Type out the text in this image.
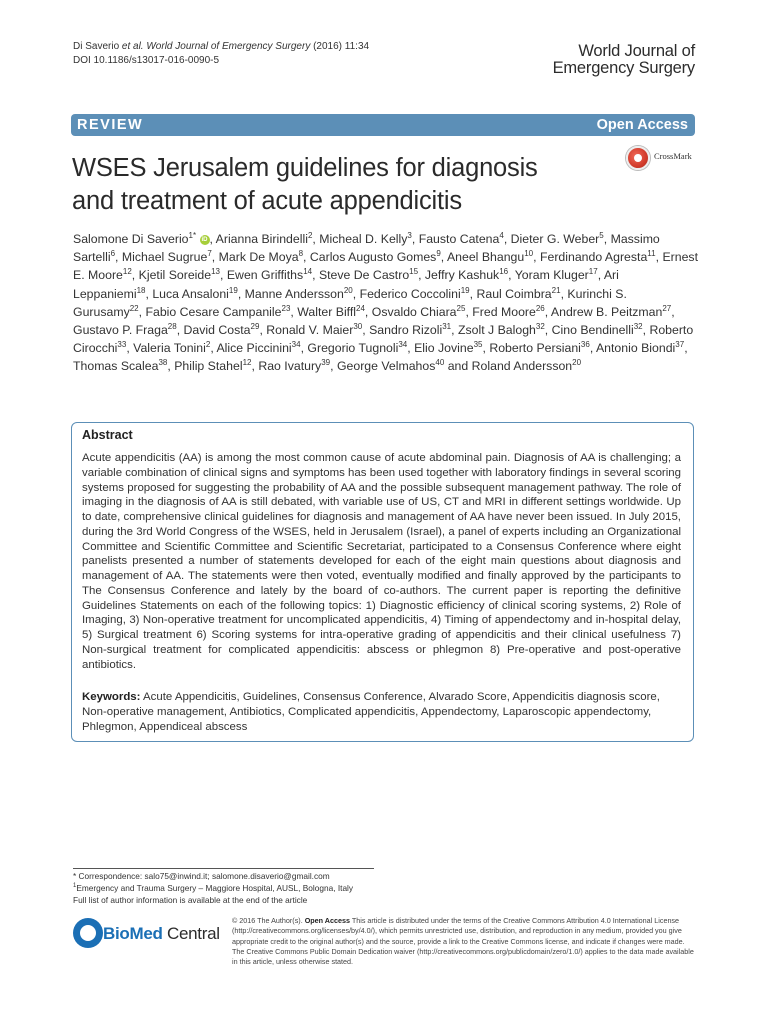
Di Saverio et al. World Journal of Emergency Surgery (2016) 11:34
DOI 10.1186/s13017-016-0090-5
World Journal of
Emergency Surgery
REVIEW	Open Access
WSES Jerusalem guidelines for diagnosis
and treatment of acute appendicitis
CrossMark

Salomone Di Saverio$^{1*}$ iD , Arianna Birindelli$^2$, Micheal D. Kelly$^3$, Fausto Catena$^4$, Dieter G. Weber$^5$, Massimo Sartelli$^6$, Michael Sugrue$^7$, Mark De Moya$^8$, Carlos Augusto Gomes$^9$, Aneel Bhangu$^{10}$, Ferdinando Agresta$^{11}$, Ernest E. Moore$^{12}$, Kjetil Soreide$^{13}$, Ewen Griffiths$^{14}$, Steve De Castro$^{15}$, Jeffry Kashuk$^{16}$, Yoram Kluger$^{17}$, Ari Leppaniemi$^{18}$, Luca Ansaloni$^{19}$, Manne Andersson$^{20}$, Federico Coccolini$^{19}$, Raul Coimbra$^{21}$, Kurinchi S. Gurusamy$^{22}$, Fabio Cesare Campanile$^{23}$, Walter Biffl$^{24}$, Osvaldo Chiara$^{25}$, Fred Moore$^{26}$, Andrew B. Peitzman$^{27}$, Gustavo P. Fraga$^{28}$, David Costa$^{29}$, Ronald V. Maier$^{30}$, Sandro Rizoli$^{31}$, Zsolt J Balogh$^{32}$, Cino Bendinelli$^{32}$, Roberto Cirocchi$^{33}$, Valeria Tonini$^2$, Alice Piccinini$^{34}$, Gregorio Tugnoli$^{34}$, Elio Jovine$^{35}$, Roberto Persiani$^{36}$, Antonio Biondi$^{37}$, Thomas Scalea$^{38}$, Philip Stahel$^{12}$, Rao Ivatury$^{39}$, George Velmahos$^{40}$ and Roland Andersson$^{20}$

Abstract

Acute appendicitis (AA) is among the most common cause of acute abdominal pain. Diagnosis of AA is challenging; a variable combination of clinical signs and symptoms has been used together with laboratory findings in several scoring systems proposed for suggesting the probability of AA and the possible subsequent management pathway. The role of imaging in the diagnosis of AA is still debated, with variable use of US, CT and MRI in different settings worldwide. Up to date, comprehensive clinical guidelines for diagnosis and management of AA have never been issued. In July 2015, during the 3rd World Congress of the WSES, held in Jerusalem (Israel), a panel of experts including an Organizational Committee and Scientific Committee and Scientific Secretariat, participated to a Consensus Conference where eight panelists presented a number of statements developed for each of the eight main questions about diagnosis and management of AA. The statements were then voted, eventually modified and finally approved by the participants to The Consensus Conference and lately by the board of co-authors. The current paper is reporting the definitive Guidelines Statements on each of the following topics: 1) Diagnostic efficiency of clinical scoring systems, 2) Role of Imaging, 3) Non-operative treatment for uncomplicated appendicitis, 4) Timing of appendectomy and in-hospital delay, 5) Surgical treatment 6) Scoring systems for intra-operative grading of appendicitis and their clinical usefulness 7) Non-surgical treatment for complicated appendicitis: abscess or phlegmon 8) Pre-operative and post-operative antibiotics.

Keywords: Acute Appendicitis, Guidelines, Consensus Conference, Alvarado Score, Appendicitis diagnosis score, Non-operative management, Antibiotics, Complicated appendicitis, Appendectomy, Laparoscopic appendectomy, Phlegmon, Appendiceal abscess

* Correspondence: salo75@inwind.it; salomone.disaverio@gmail.com
$^1$Emergency and Trauma Surgery – Maggiore Hospital, AUSL, Bologna, Italy
Full list of author information is available at the end of the article
BioMed Central

© 2016 The Author(s). Open Access This article is distributed under the terms of the Creative Commons Attribution 4.0 International License (http://creativecommons.org/licenses/by/4.0/), which permits unrestricted use, distribution, and reproduction in any medium, provided you give appropriate credit to the original author(s) and the source, provide a link to the Creative Commons license, and indicate if changes were made. The Creative Commons Public Domain Dedication waiver (http://creativecommons.org/publicdomain/zero/1.0/) applies to the data made available in this article, unless otherwise stated.
